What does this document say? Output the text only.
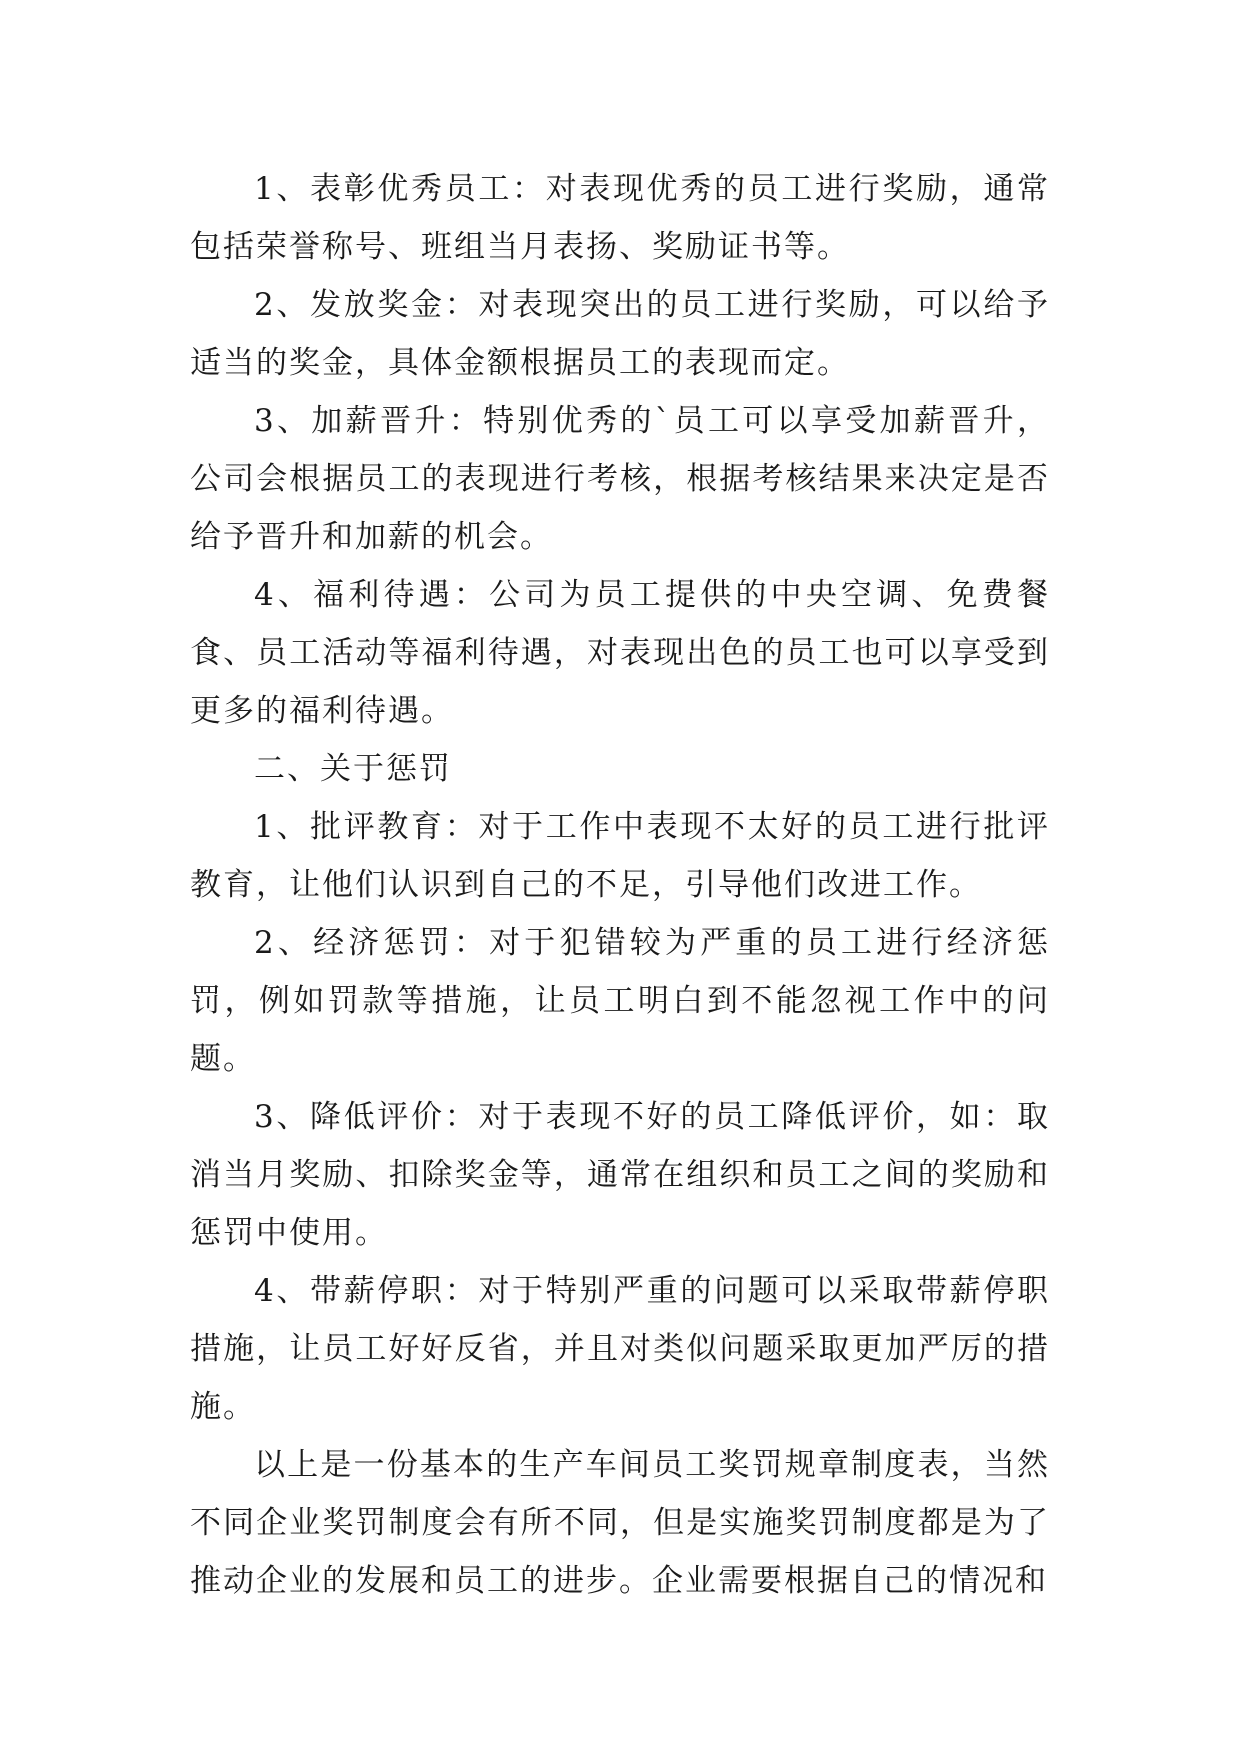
1、表彰优秀员工：对表现优秀的员工进行奖励，通常包括荣誉称号、班组当月表扬、奖励证书等。

2、发放奖金：对表现突出的员工进行奖励，可以给予适当的奖金，具体金额根据员工的表现而定。

3、加薪晋升：特别优秀的`员工可以享受加薪晋升，公司会根据员工的表现进行考核，根据考核结果来决定是否给予晋升和加薪的机会。

4、福利待遇：公司为员工提供的中央空调、免费餐食、员工活动等福利待遇，对表现出色的员工也可以享受到更多的福利待遇。

二、关于惩罚

1、批评教育：对于工作中表现不太好的员工进行批评教育，让他们认识到自己的不足，引导他们改进工作。

2、经济惩罚：对于犯错较为严重的员工进行经济惩罚，例如罚款等措施，让员工明白到不能忽视工作中的问题。

3、降低评价：对于表现不好的员工降低评价，如：取消当月奖励、扣除奖金等，通常在组织和员工之间的奖励和惩罚中使用。

4、带薪停职：对于特别严重的问题可以采取带薪停职措施，让员工好好反省，并且对类似问题采取更加严厉的措施。

以上是一份基本的生产车间员工奖罚规章制度表，当然不同企业奖罚制度会有所不同，但是实施奖罚制度都是为了推动企业的发展和员工的进步。企业需要根据自己的情况和
